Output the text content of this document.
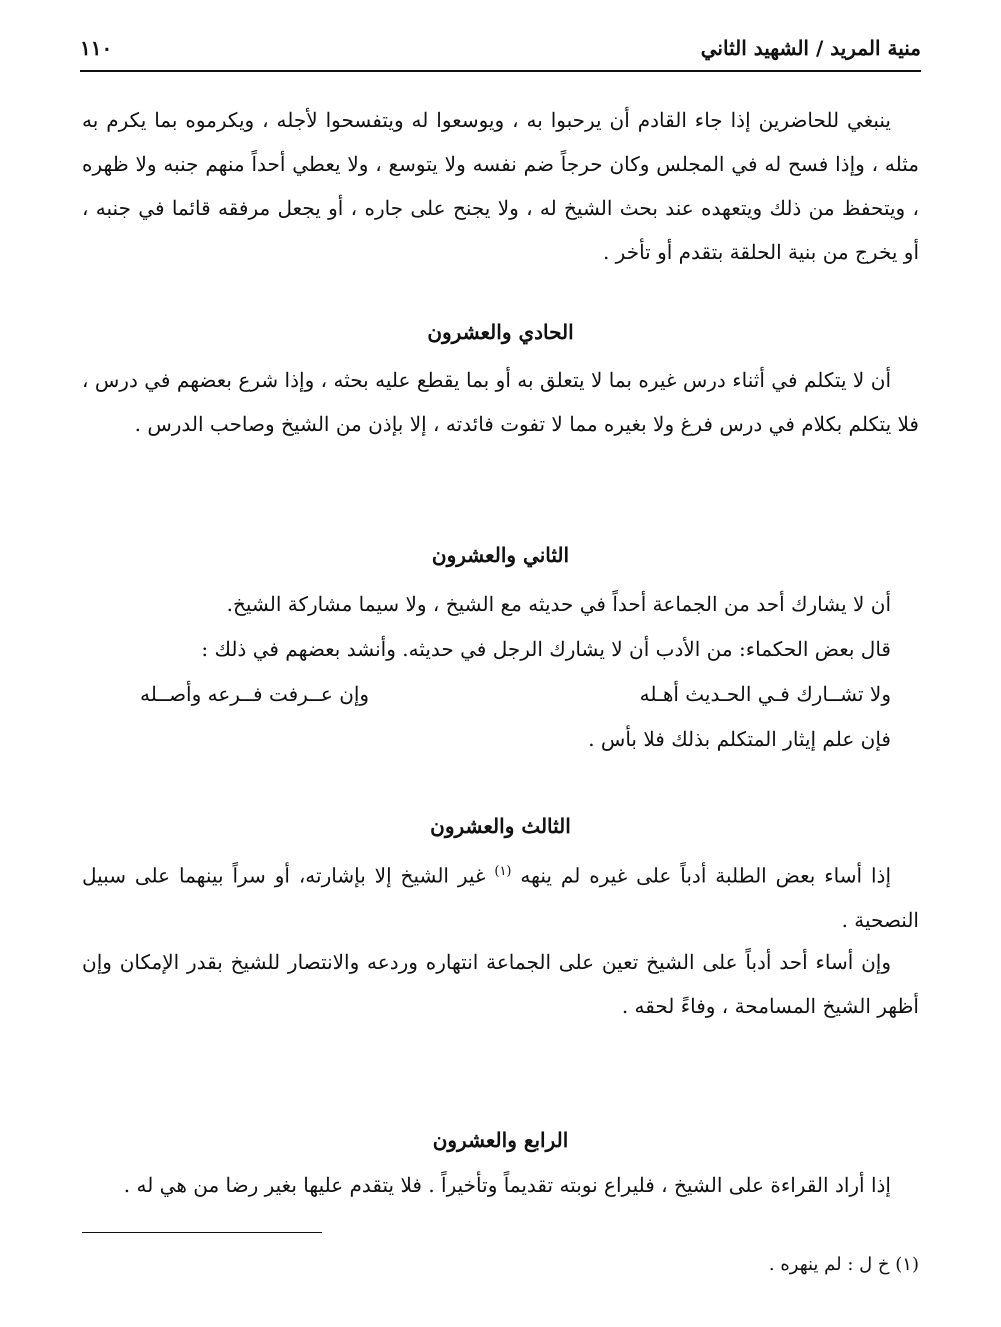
منية المريد / الشهيد الثاني
١١٠
ينبغي للحاضرين إذا جاء القادم أن يرحبوا به ، ويوسعوا له ويتفسحوا لأجله ، ويكرموه بما يكرم به مثله ، وإذا فسح له في المجلس وكان حرجاً ضم نفسه ولا يتوسع ، ولا يعطي أحداً منهم جنبه ولا ظهره ، ويتحفظ من ذلك ويتعهده عند بحث الشيخ له ، ولا يجنح على جاره ، أو يجعل مرفقه قائما في جنبه ، أو يخرج من بنية الحلقة بتقدم أو تأخر .
الحادي والعشرون
أن لا يتكلم في أثناء درس غيره بما لا يتعلق به أو بما يقطع عليه بحثه ، وإذا شرع بعضهم في درس ، فلا يتكلم بكلام في درس فرغ ولا بغيره مما لا تفوت فائدته ، إلا بإذن من الشيخ وصاحب الدرس .
الثاني والعشرون
أن لا يشارك أحد من الجماعة أحداً في حديثه مع الشيخ ، ولا سيما مشاركة الشيخ.
قال بعض الحكماء: من الأدب أن لا يشارك الرجل في حديثه. وأنشد بعضهم في ذلك :
ولا تشــارك فـي الحـديث أهـله
وإن عــرفت فــرعه وأصــله
فإن علم إيثار المتكلم بذلك فلا بأس .
الثالث والعشرون
إذا أساء بعض الطلبة أدباً على غيره لم ينهه $^{(١)}$ غير الشيخ إلا بإشارته، أو سراً بينهما على سبيل النصحية .
وإن أساء أحد أدباً على الشيخ تعين على الجماعة انتهاره وردعه والانتصار للشيخ بقدر الإمكان وإن أظهر الشيخ المسامحة ، وفاءً لحقه .
الرابع والعشرون
إذا أراد القراءة على الشيخ ، فليراع نوبته تقديماً وتأخيراً . فلا يتقدم عليها بغير رضا من هي له .
(١) خ ل : لم ينهره .
